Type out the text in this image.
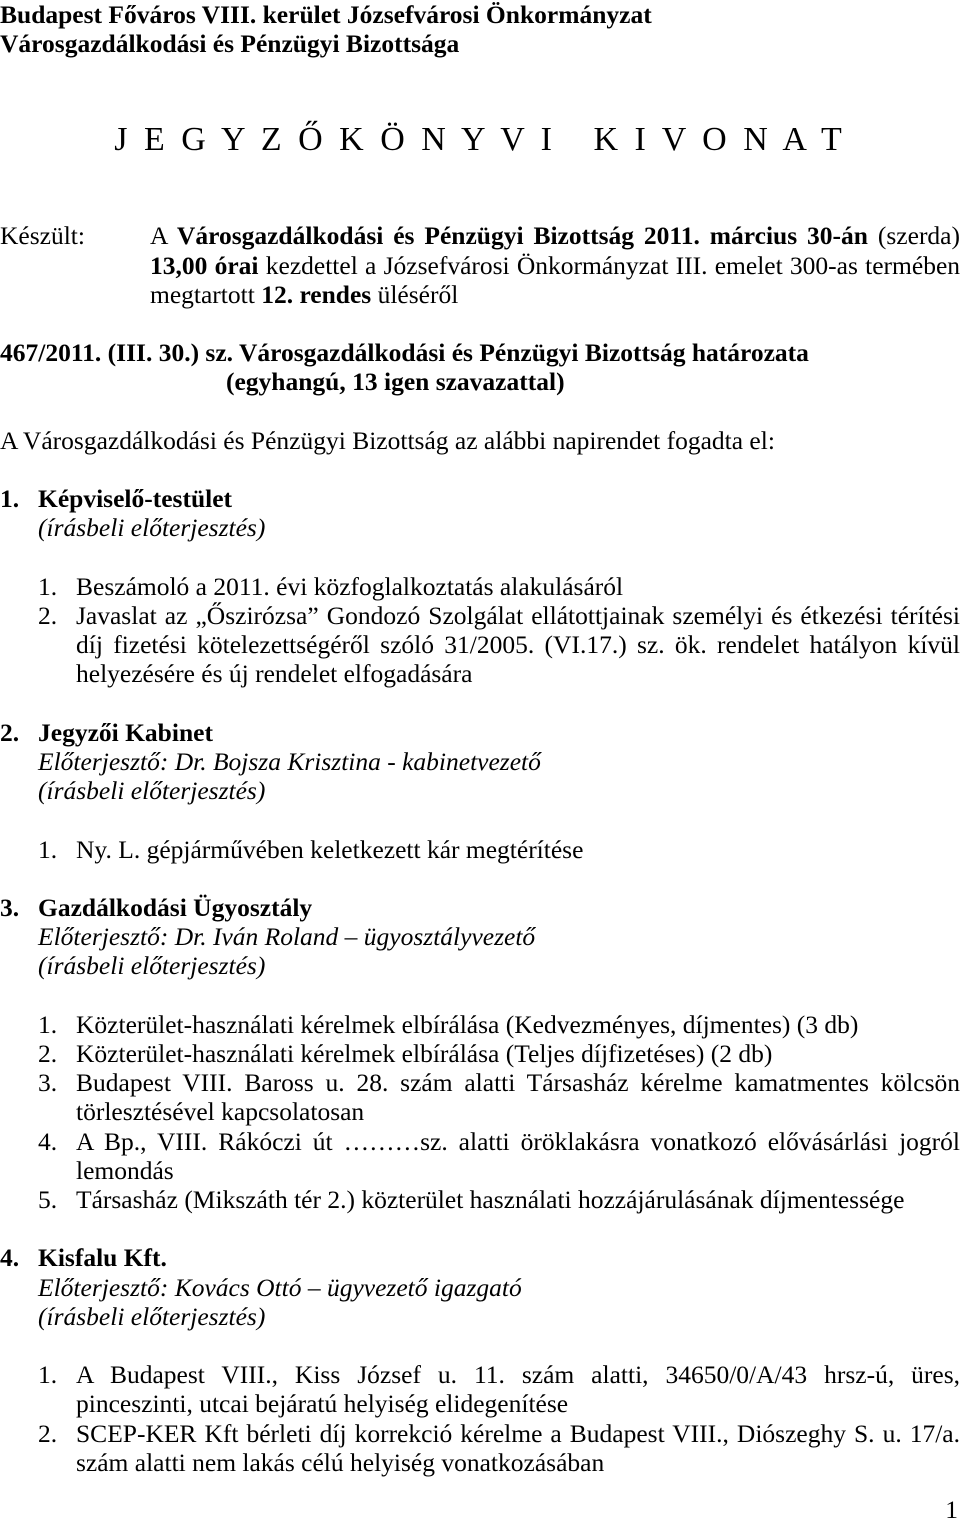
Budapest Főváros VIII. kerület Józsefvárosi Önkormányzat
Városgazdálkodási és Pénzügyi Bizottsága
J E G Y Z Ő K Ö N Y V I   K I V O N A T
Készült:	A Városgazdálkodási és Pénzügyi Bizottság 2011. március 30-án (szerda) 13,00 órai kezdettel a Józsefvárosi Önkormányzat III. emelet 300-as termében megtartott 12. rendes üléséről
467/2011. (III. 30.) sz. Városgazdálkodási és Pénzügyi Bizottság határozata
(egyhangú, 13 igen szavazattal)
A Városgazdálkodási és Pénzügyi Bizottság az alábbi napirendet fogadta el:
1. Képviselő-testület
(írásbeli előterjesztés)
1. Beszámoló a 2011. évi közfoglalkoztatás alakulásáról
2. Javaslat az „Őszirózsa” Gondozó Szolgálat ellátottjainak személyi és étkezési térítési díj fizetési kötelezettségéről szóló 31/2005. (VI.17.) sz. ök. rendelet hatályon kívül helyezésére és új rendelet elfogadására
2. Jegyzői Kabinet
Előterjesztő: Dr. Bojsza Krisztina - kabinetvezető
(írásbeli előterjesztés)
1. Ny. L. gépjárművében keletkezett kár megtérítése
3. Gazdálkodási Ügyosztály
Előterjesztő: Dr. Iván Roland – ügyosztályvezető
(írásbeli előterjesztés)
1. Közterület-használati kérelmek elbírálása (Kedvezményes, díjmentes) (3 db)
2. Közterület-használati kérelmek elbírálása (Teljes díjfizetéses) (2 db)
3. Budapest VIII. Baross u. 28. szám alatti Társasház kérelme kamatmentes kölcsön törlesztésével kapcsolatosan
4. A Bp., VIII. Rákóczi út ………sz. alatti öröklakásra vonatkozó elővásárlási jogról lemondás
5. Társasház (Mikszáth tér 2.) közterület használati hozzájárulásának díjmentessége
4. Kisfalu Kft.
Előterjesztő: Kovács Ottó – ügyvezető igazgató
(írásbeli előterjesztés)
1. A Budapest VIII., Kiss József u. 11. szám alatti, 34650/0/A/43 hrsz-ú, üres, pinceszinti, utcai bejáratú helyiség elidegenítése
2. SCEP-KER Kft bérleti díj korrekció kérelme a Budapest VIII., Diószeghy S. u. 17/a. szám alatti nem lakás célú helyiség vonatkozásában
1
